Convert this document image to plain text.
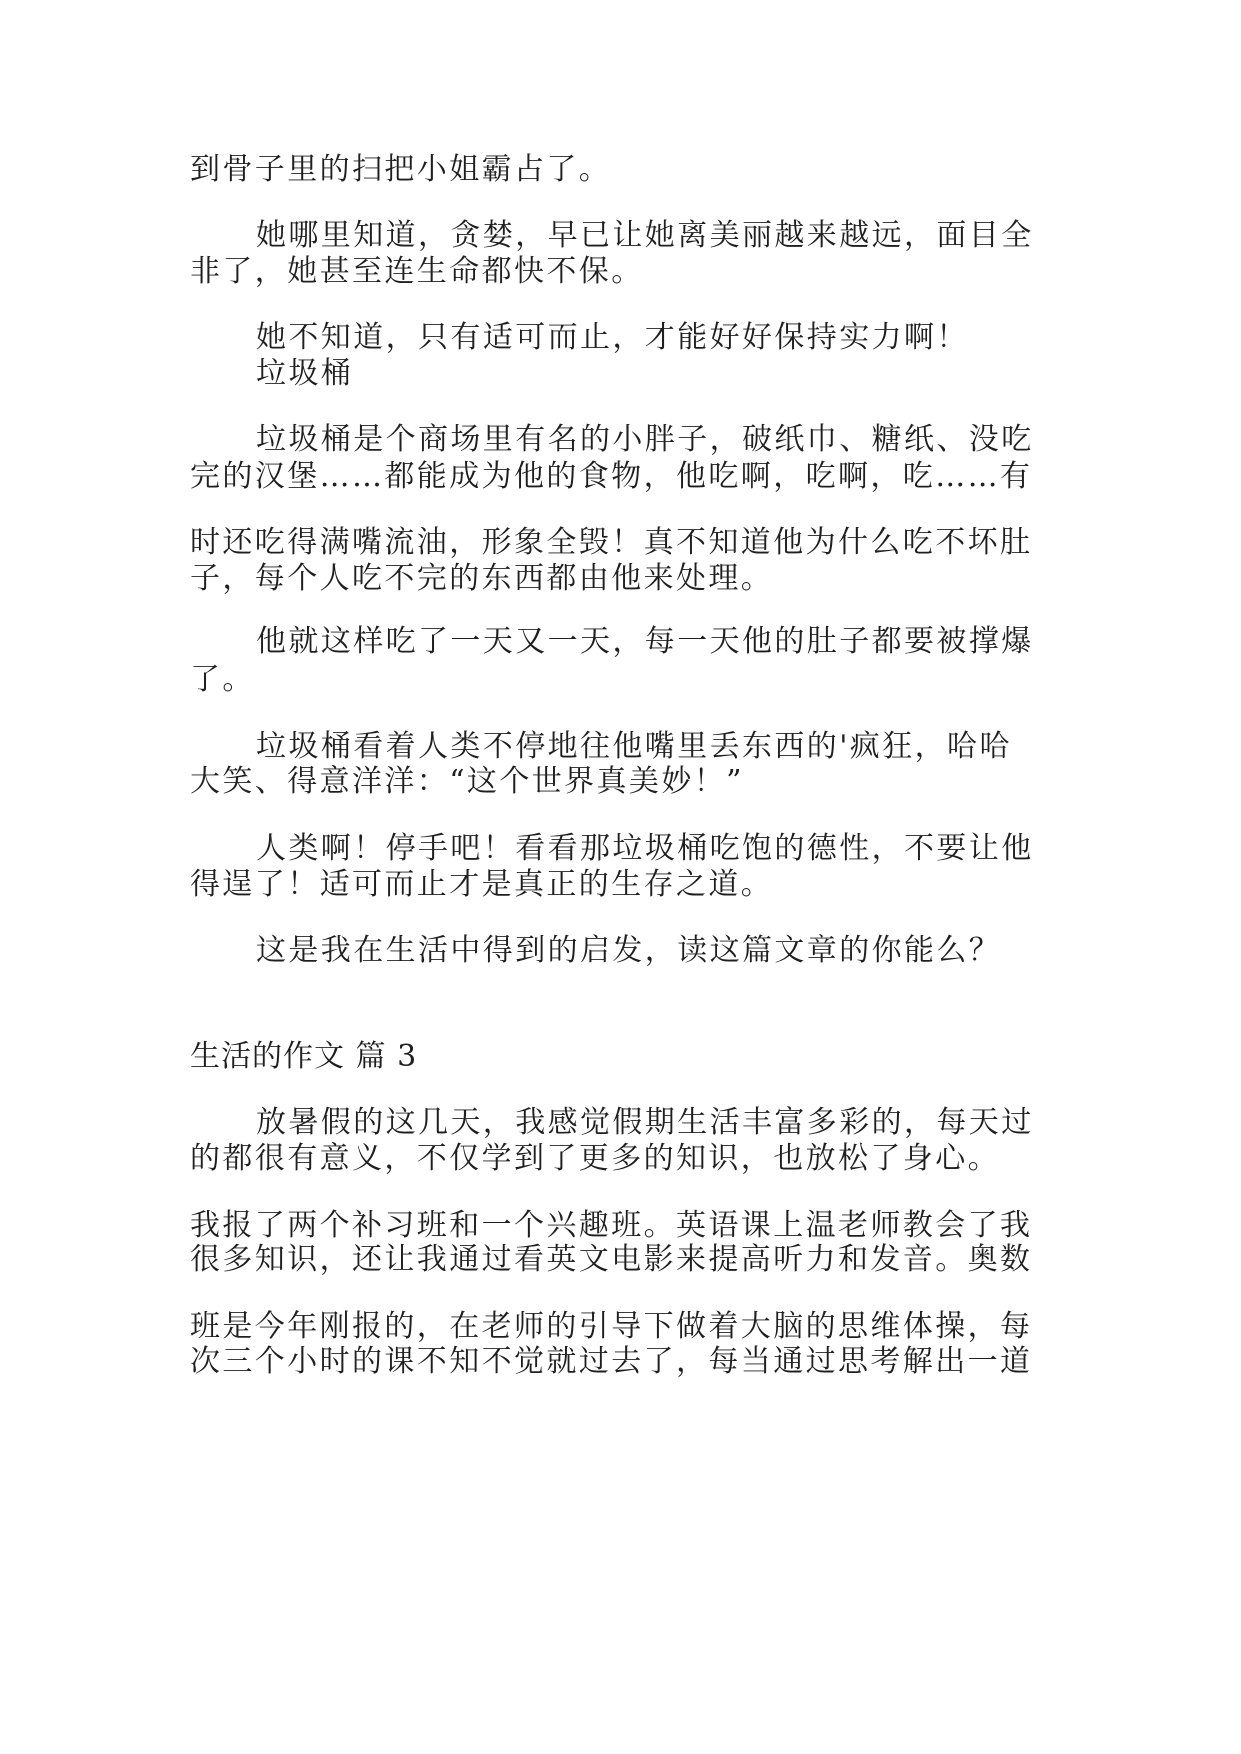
到骨子里的扫把小姐霸占了。
她哪里知道，贪婪，早已让她离美丽越来越远，面目全
非了，她甚至连生命都快不保。
她不知道，只有适可而止，才能好好保持实力啊！
垃圾桶
垃圾桶是个商场里有名的小胖子，破纸巾、糖纸、没吃
完的汉堡……都能成为他的食物，他吃啊，吃啊，吃……有
时还吃得满嘴流油，形象全毁！真不知道他为什么吃不坏肚
子，每个人吃不完的东西都由他来处理。
他就这样吃了一天又一天，每一天他的肚子都要被撑爆
了。
垃圾桶看着人类不停地往他嘴里丢东西的'疯狂，哈哈
大笑、得意洋洋：“这个世界真美妙！”
人类啊！停手吧！看看那垃圾桶吃饱的德性，不要让他
得逞了！适可而止才是真正的生存之道。
这是我在生活中得到的启发，读这篇文章的你能么？
生活的作文 篇 3
放暑假的这几天，我感觉假期生活丰富多彩的，每天过
的都很有意义，不仅学到了更多的知识，也放松了身心。
我报了两个补习班和一个兴趣班。英语课上温老师教会了我
很多知识，还让我通过看英文电影来提高听力和发音。奥数
班是今年刚报的，在老师的引导下做着大脑的思维体操，每
次三个小时的课不知不觉就过去了，每当通过思考解出一道
